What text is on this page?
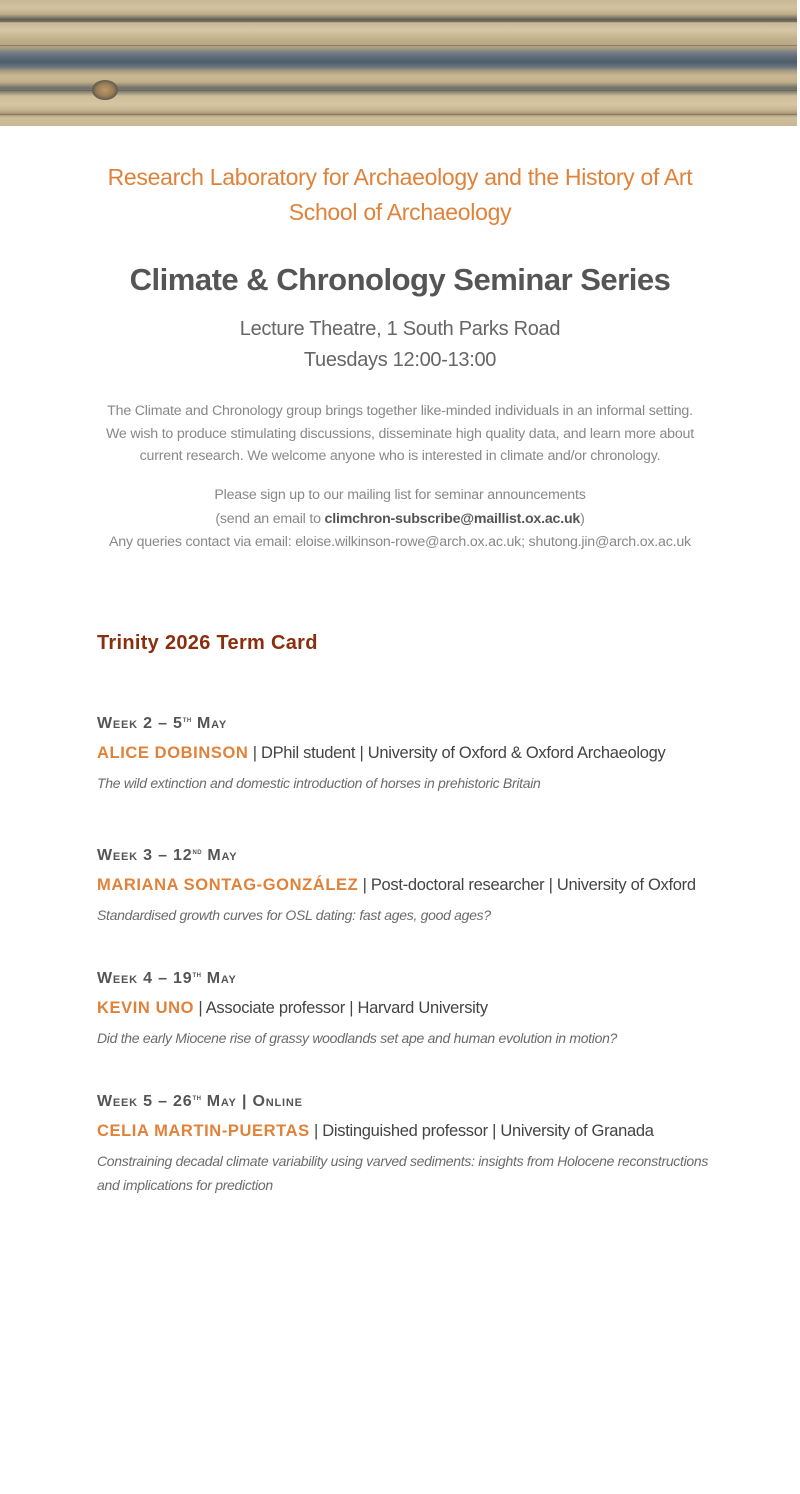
Research Laboratory for Archaeology and the History of Art
School of Archaeology
Climate & Chronology Seminar Series
Lecture Theatre, 1 South Parks Road
Tuesdays 12:00-13:00
The Climate and Chronology group brings together like-minded individuals in an informal setting. We wish to produce stimulating discussions, disseminate high quality data, and learn more about current research. We welcome anyone who is interested in climate and/or chronology.
Please sign up to our mailing list for seminar announcements
(send an email to climchron-subscribe@maillist.ox.ac.uk)
Any queries contact via email: eloise.wilkinson-rowe@arch.ox.ac.uk; shutong.jin@arch.ox.ac.uk
Trinity 2026 Term Card
Week 2 – 5th May
ALICE DOBINSON | DPhil student | University of Oxford & Oxford Archaeology
The wild extinction and domestic introduction of horses in prehistoric Britain
Week 3 – 12nd May
MARIANA SONTAG-GONZÁLEZ | Post-doctoral researcher | University of Oxford
Standardised growth curves for OSL dating: fast ages, good ages?
Week 4 – 19th May
KEVIN UNO | Associate professor | Harvard University
Did the early Miocene rise of grassy woodlands set ape and human evolution in motion?
Week 5 – 26th May | Online
CELIA MARTIN-PUERTAS | Distinguished professor | University of Granada
Constraining decadal climate variability using varved sediments: insights from Holocene reconstructions and implications for prediction
